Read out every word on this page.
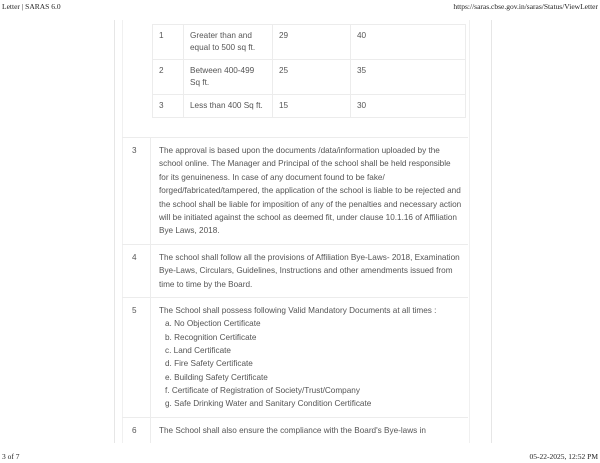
Letter | SARAS 6.0	https://saras.cbse.gov.in/saras/Status/ViewLetter
1	Greater than and equal to 500 sq ft.	29	40
2	Between 400-499 Sq ft.	25	35
3	Less than 400 Sq ft.	15	30
3	The approval is based upon the documents /data/information uploaded by the school online. The Manager and Principal of the school shall be held responsible for its genuineness. In case of any document found to be fake/ forged/fabricated/tampered, the application of the school is liable to be rejected and the school shall be liable for imposition of any of the penalties and necessary action will be initiated against the school as deemed fit, under clause 10.1.16 of Affiliation Bye Laws, 2018.
4	The school shall follow all the provisions of Affiliation Bye-Laws- 2018, Examination Bye-Laws, Circulars, Guidelines, Instructions and other amendments issued from time to time by the Board.
5	The School shall possess following Valid Mandatory Documents at all times :
a. No Objection Certificate
b. Recognition Certificate
c. Land Certificate
d. Fire Safety Certificate
e. Building Safety Certificate
f. Certificate of Registration of Society/Trust/Company
g. Safe Drinking Water and Sanitary Condition Certificate

6	The School shall also ensure the compliance with the Board's Bye-laws in
3 of 7	05-22-2025, 12:52 PM
